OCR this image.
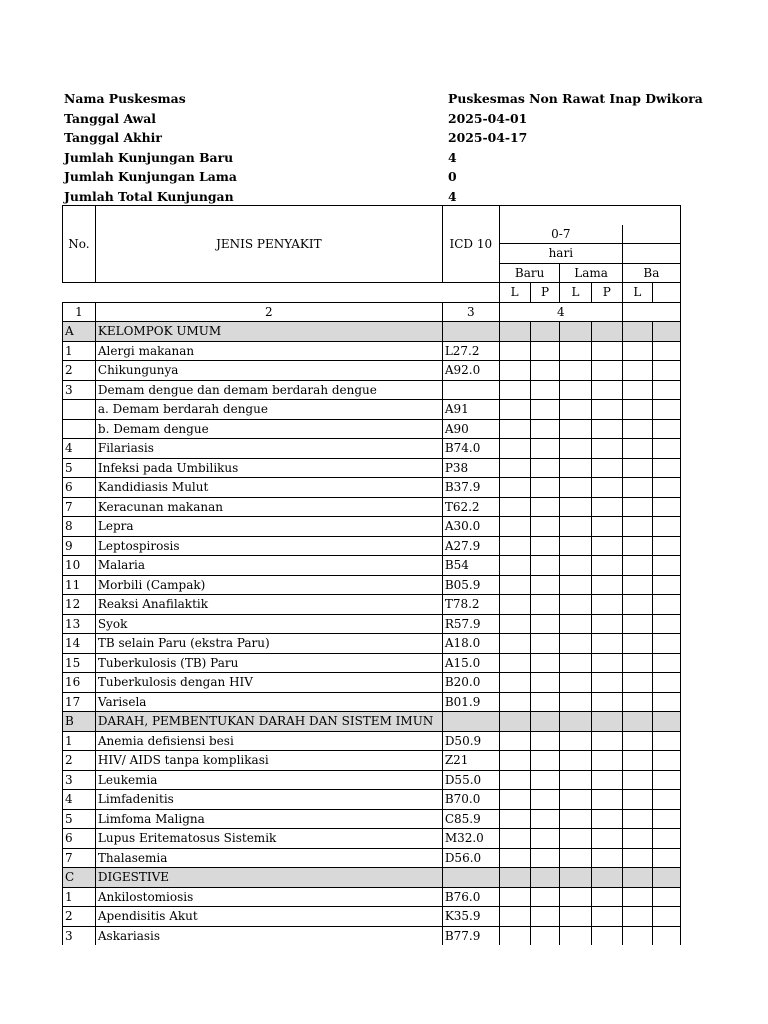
Nama Puskesmas	Puskesmas Non Rawat Inap Dwikora
Tanggal Awal	2025-04-01
Tanggal Akhir	2025-04-17
Jumlah Kunjungan Baru	4
Jumlah Kunjungan Lama	0
Jumlah Total Kunjungan	4
No.	JENIS PENYAKIT	ICD 10						
			0-7					
			hari					
			Baru		Lama		Ba	
			L	P	L	P	L	
1	2	3	4					
A	KELOMPOK UMUM							
1	Alergi makanan	L27.2						
2	Chikungunya	A92.0						
3	Demam dengue dan demam berdarah dengue							
	a. Demam berdarah dengue	A91						
	b. Demam dengue	A90						
4	Filariasis	B74.0						
5	Infeksi pada Umbilikus	P38						
6	Kandidiasis Mulut	B37.9						
7	Keracunan makanan	T62.2						
8	Lepra	A30.0						
9	Leptospirosis	A27.9						
10	Malaria	B54						
11	Morbili (Campak)	B05.9						
12	Reaksi Anafilaktik	T78.2						
13	Syok	R57.9						
14	TB selain Paru (ekstra Paru)	A18.0						
15	Tuberkulosis (TB) Paru	A15.0						
16	Tuberkulosis dengan HIV	B20.0						
17	Varisela	B01.9						
B	DARAH, PEMBENTUKAN DARAH DAN SISTEM IMUN							
1	Anemia defisiensi besi	D50.9						
2	HIV/ AIDS tanpa komplikasi	Z21						
3	Leukemia	D55.0						
4	Limfadenitis	B70.0						
5	Limfoma Maligna	C85.9						
6	Lupus Eritematosus Sistemik	M32.0						
7	Thalasemia	D56.0						
C	DIGESTIVE							
1	Ankilostomiosis	B76.0						
2	Apendisitis Akut	K35.9						
3	Askariasis	B77.9						
